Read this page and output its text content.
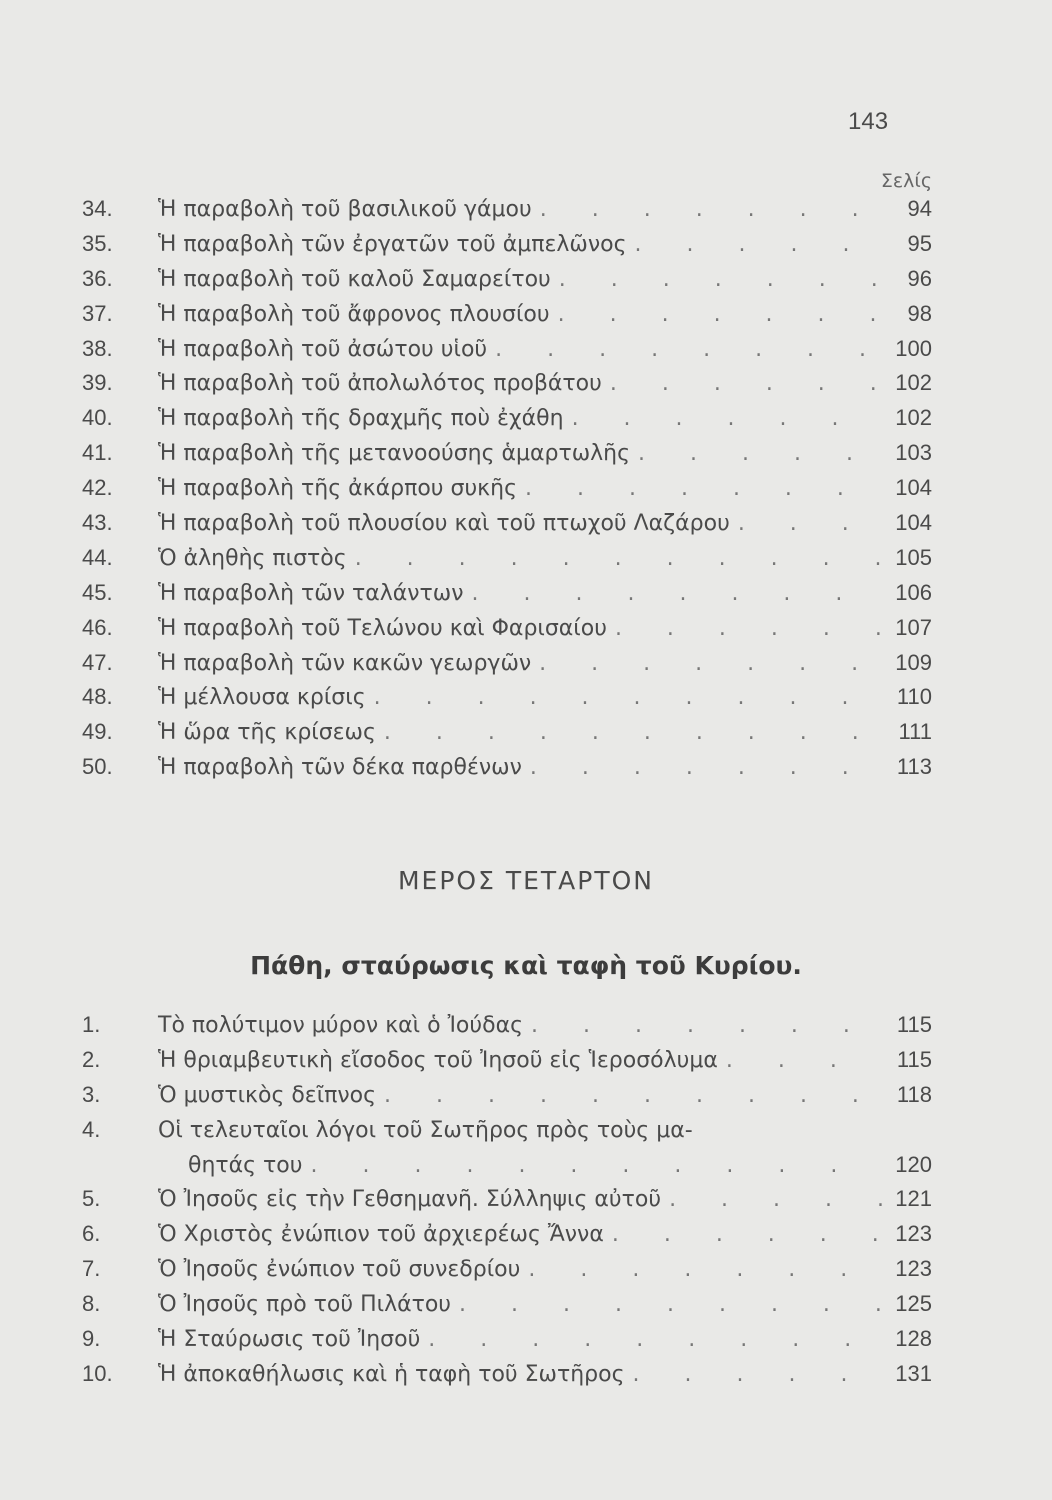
143
Σελίς
34.	Ἡ παραβολὴ τοῦ βασιλικοῦ γάμου . . .	94
35.	Ἡ παραβολὴ τῶν ἐργατῶν τοῦ ἀμπελῶνος . . .	95
36.	Ἡ παραβολὴ τοῦ καλοῦ Σαμαρείτου . . .	96
37.	Ἡ παραβολὴ τοῦ ἄφρονος πλουσίου . . .	98
38.	Ἡ παραβολὴ τοῦ ἀσώτου υἱοῦ . . .	100
39.	Ἡ παραβολὴ τοῦ ἀπολωλότος προβάτου . . .	102
40.	Ἡ παραβολὴ τῆς δραχμῆς ποὺ ἐχάθη . . .	102
41.	Ἡ παραβολὴ τῆς μετανοούσης ἁμαρτωλῆς . . .	103
42.	Ἡ παραβολὴ τῆς ἀκάρπου συκῆς . . .	104
43.	Ἡ παραβολὴ τοῦ πλουσίου καὶ τοῦ πτωχοῦ Λαζάρου . . .	104
44.	Ὁ ἀληθὴς πιστὸς . . .	105
45.	Ἡ παραβολὴ τῶν ταλάντων . . .	106
46.	Ἡ παραβολὴ τοῦ Τελώνου καὶ Φαρισαίου . . .	107
47.	Ἡ παραβολὴ τῶν κακῶν γεωργῶν . . .	109
48.	Ἡ μέλλουσα κρίσις . . .	110
49.	Ἡ ὥρα τῆς κρίσεως . . .	111
50.	Ἡ παραβολὴ τῶν δέκα παρθένων . . .	113
ΜΕΡΟΣ ΤΕΤΑΡΤΟΝ
Πάθη, σταύρωσις καὶ ταφὴ τοῦ Κυρίου.
1.	Τὸ πολύτιμον μύρον καὶ ὁ Ἰούδας . . .	115
2.	Ἡ θριαμβευτικὴ εἴσοδος τοῦ Ἰησοῦ εἰς Ἱεροσόλυμα . . .	115
3.	Ὁ μυστικὸς δεῖπνος . . .	118
4.	Οἱ τελευταῖοι λόγοι τοῦ Σωτῆρος πρὸς τοὺς μα-
θητάς του . . .	120
5.	Ὁ Ἰησοῦς εἰς τὴν Γεθσημανῆ. Σύλληψις αὐτοῦ . . .	121
6.	Ὁ Χριστὸς ἐνώπιον τοῦ ἀρχιερέως Ἄννα . . .	123
7.	Ὁ Ἰησοῦς ἐνώπιον τοῦ συνεδρίου . . .	123
8.	Ὁ Ἰησοῦς πρὸ τοῦ Πιλάτου . . .	125
9.	Ἡ Σταύρωσις τοῦ Ἰησοῦ . . .	128
10.	Ἡ ἀποκαθήλωσις καὶ ἡ ταφὴ τοῦ Σωτῆρος . . .	131
